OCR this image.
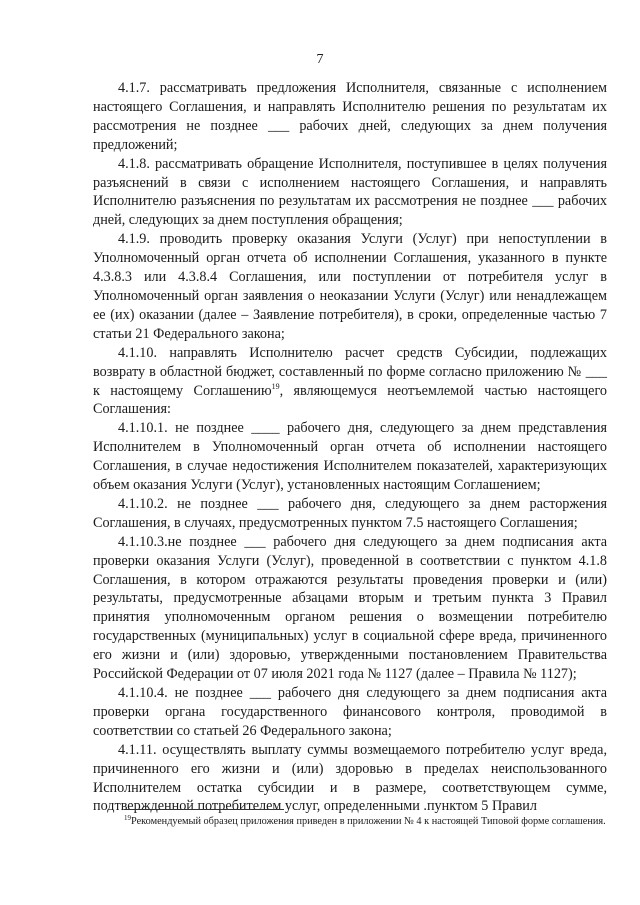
7

4.1.7. рассматривать предложения Исполнителя, связанные с исполнением настоящего Соглашения, и направлять Исполнителю решения по результатам их рассмотрения не позднее ___ рабочих дней, следующих за днем получения предложений;

4.1.8. рассматривать обращение Исполнителя, поступившее в целях получения разъяснений в связи с исполнением настоящего Соглашения, и направлять Исполнителю разъяснения по результатам их рассмотрения не позднее ___ рабочих дней, следующих за днем поступления обращения;

4.1.9. проводить проверку оказания Услуги (Услуг) при непоступлении в Уполномоченный орган отчета об исполнении Соглашения, указанного в пункте 4.3.8.3 или 4.3.8.4 Соглашения, или поступлении от потребителя услуг в Уполномоченный орган заявления о неоказании Услуги (Услуг) или ненадлежащем ее (их) оказании (далее – Заявление потребителя), в сроки, определенные частью 7 статьи 21 Федерального закона;

4.1.10. направлять Исполнителю расчет средств Субсидии, подлежащих возврату в областной бюджет, составленный по форме согласно приложению № ___ к настоящему Соглашению$^{19}$, являющемуся неотъемлемой частью настоящего Соглашения:

4.1.10.1. не позднее ____ рабочего дня, следующего за днем представления Исполнителем в Уполномоченный орган отчета об исполнении настоящего Соглашения, в случае недостижения Исполнителем показателей, характеризующих объем оказания Услуги (Услуг), установленных настоящим Соглашением;

4.1.10.2. не позднее ___ рабочего дня, следующего за днем расторжения Соглашения, в случаях, предусмотренных пунктом 7.5 настоящего Соглашения;

4.1.10.3.не позднее ___ рабочего дня следующего за днем подписания акта проверки оказания Услуги (Услуг), проведенной в соответствии с пунктом 4.1.8 Соглашения, в котором отражаются результаты проведения проверки и (или) результаты, предусмотренные абзацами вторым и третьим пункта 3 Правил принятия уполномоченным органом решения о возмещении потребителю государственных (муниципальных) услуг в социальной сфере вреда, причиненного его жизни и (или) здоровью, утвержденными постановлением Правительства Российской Федерации от 07 июля 2021 года № 1127 (далее – Правила № 1127);

4.1.10.4. не позднее ___ рабочего дня следующего за днем подписания акта проверки органа государственного финансового контроля, проводимой в соответствии со статьей 26 Федерального закона;

4.1.11. осуществлять выплату суммы возмещаемого потребителю услуг вреда, причиненного его жизни и (или) здоровью в пределах неиспользованного Исполнителем остатка субсидии и в размере, соответствующем сумме, подтвержденной потребителем услуг, определенными .пунктом 5 Правил

$^{19}$Рекомендуемый образец приложения приведен в приложении № 4 к настоящей Типовой форме соглашения.
